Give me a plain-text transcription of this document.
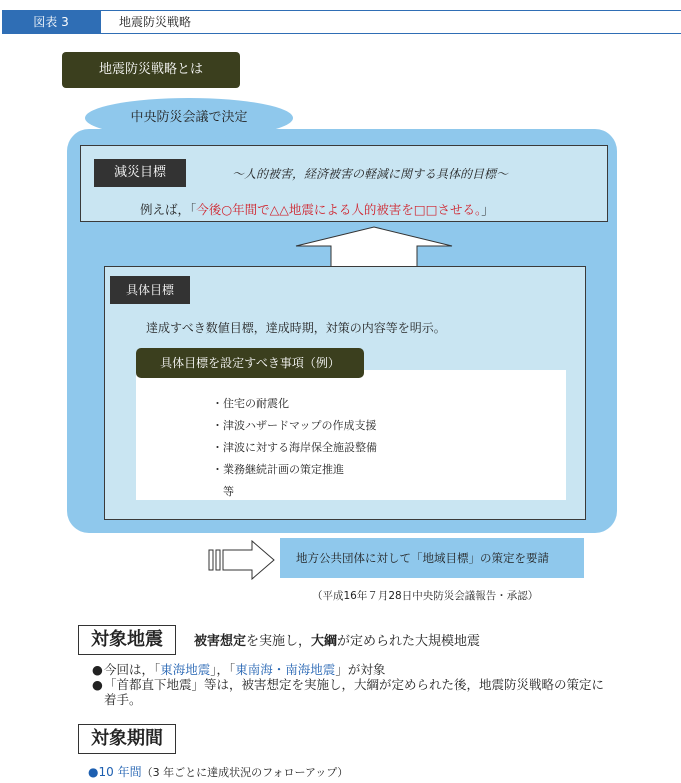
図表 3	地震防災戦略
地震防災戦略とは
中央防災会議で決定
減災目標	～人的被害，経済被害の軽減に関する具体的目標～
例えば，「今後○年間で△△地震による人的被害を□□させる。」
具体目標
達成すべき数値目標，達成時期，対策の内容等を明示。
具体目標を設定すべき事項（例）
・住宅の耐震化
・津波ハザードマップの作成支援
・津波に対する海岸保全施設整備
・業務継続計画の策定推進
　等
地方公共団体に対して「地域目標」の策定を要請
（平成16年７月28日中央防災会議報告・承認）
対象地震	被害想定を実施し，大綱が定められた大規模地震
● 今回は，「東海地震」，「東南海・南海地震」が対象
● 「首都直下地震」等は，被害想定を実施し，大綱が定められた後，地震防災戦略の策定に着手。
対象期間
●10 年間（3 年ごとに達成状況のフォローアップ）
